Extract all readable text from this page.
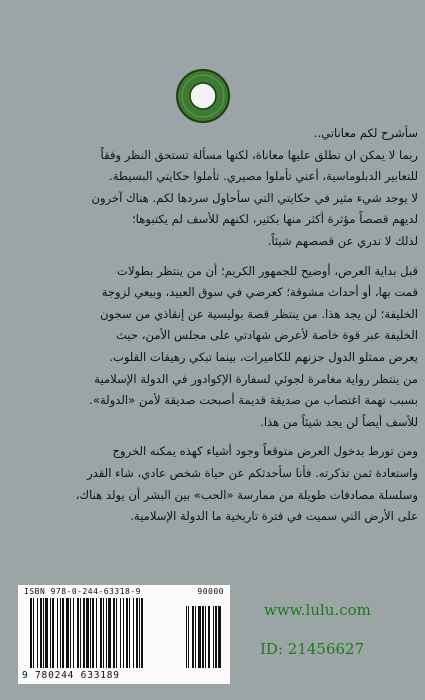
سأشرح لكم معاناتي..

ربما لا يمكن ان نطلق عليها معاناة، لكنها مسألة تستحق النظر وفقاً

للتعابير الدبلوماسية، أعني تأملوا مصيري. تأملوا حكايتي البسيطة.

لا يوجد شيء مثير في حكايتي التي سأحاول سردها لكم. هناك آخرون

لديهم قصصاً مؤثرة أكثر منها بكثير، لكنهم للأسف لم يكتبوها؛

لذلك لا ندري عن قصصهم شيئاً.

قبل بداية العرض، أوضيح للجمهور الكريم؛ أن من ينتظر بطولات

قمت بها، أو أحداث مشوقة؛ كعرضي في سوق العبيد، وبيعي لزوجة

الخليفة؛ لن يجد هذا. من ينتظر قصة بوليسية عن إنقاذي من سجون

الخليفة عبر قوة خاصة لأعرض شهادتي على مجلس الأمن، حيث

يعرض ممثلو الدول حزنهم للكاميرات، بينما تبكي رهيفات القلوب.

من ينتظر رواية مغامرة لجوئي لسفارة الإكوادور في الدولة الإسلامية

بسبب تهمة اغتصاب من صديقة قديمة أصبحت صديقة لأمن «الدولة».

للأسف أيضاً لن يجد شيئاً من هذا.

ومن تورط بدخول العرض متوقعاً وجود أشياء كهذه يمكنه الخروج

واستعادة ثمن تذكرته. فأنا سأحدثكم عن حياة شخص عادي، شاء القدر

وسلسلة مصادفات طويلة من ممارسة «الحب» بين البشر أن يولد هناك،

على الأرض التي سميت في فترة تاريخية ما الدولة الإسلامية.

ISBN 978-0-244-63318-9	90000
9 780244 633189
www.lulu.com
ID: 21456627
